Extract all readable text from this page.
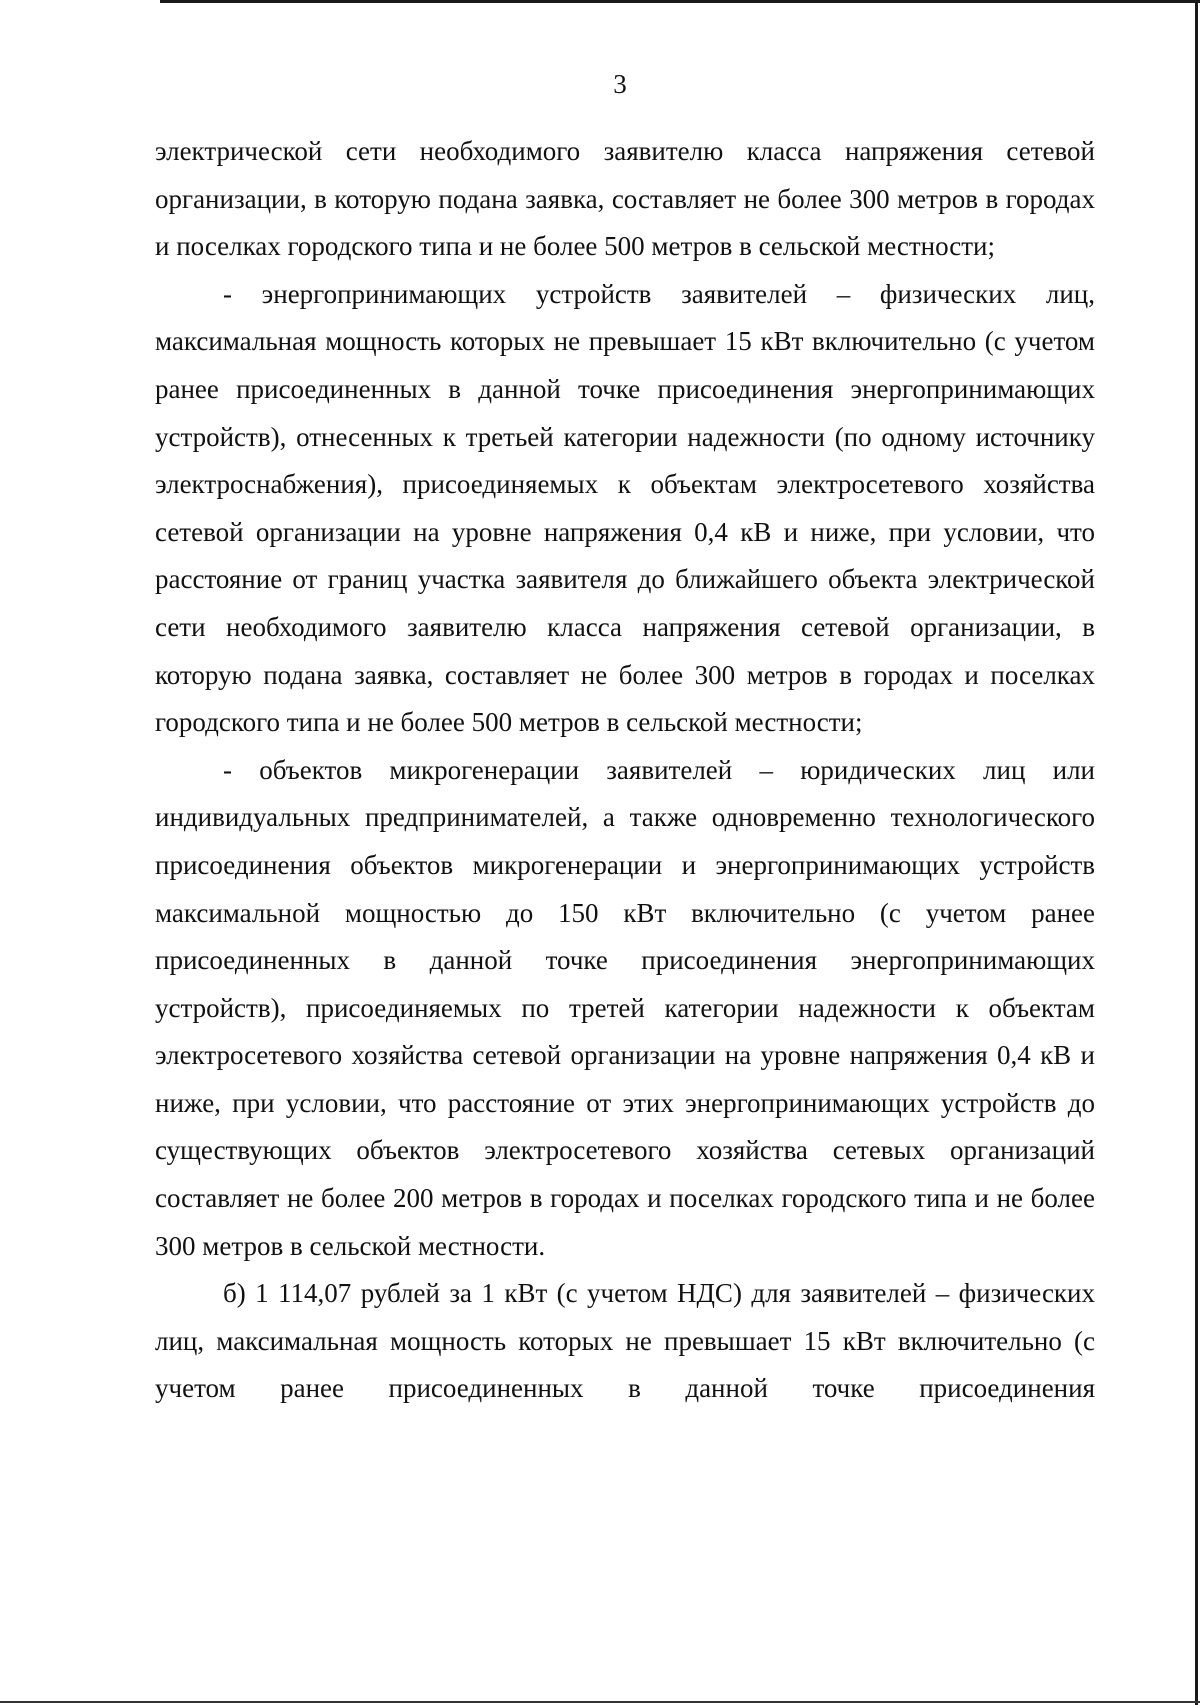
3

электрической сети необходимого заявителю класса напряжения сетевой организации, в которую подана заявка, составляет не более 300 метров в городах и поселках городского типа и не более 500 метров в сельской местности;

- энергопринимающих устройств заявителей – физических лиц, максимальная мощность которых не превышает 15 кВт включительно (с учетом ранее присоединенных в данной точке присоединения энергопринимающих устройств), отнесенных к третьей категории надежности (по одному источнику электроснабжения), присоединяемых к объектам электросетевого хозяйства сетевой организации на уровне напряжения 0,4 кВ и ниже, при условии, что расстояние от границ участка заявителя до ближайшего объекта электрической сети необходимого заявителю класса напряжения сетевой организации, в которую подана заявка, составляет не более 300 метров в городах и поселках городского типа и не более 500 метров в сельской местности;

- объектов микрогенерации заявителей – юридических лиц или индивидуальных предпринимателей, а также одновременно технологического присоединения объектов микрогенерации и энергопринимающих устройств максимальной мощностью до 150 кВт включительно (с учетом ранее присоединенных в данной точке присоединения энергопринимающих устройств), присоединяемых по третей категории надежности к объектам электросетевого хозяйства сетевой организации на уровне напряжения 0,4 кВ и ниже, при условии, что расстояние от этих энергопринимающих устройств до существующих объектов электросетевого хозяйства сетевых организаций составляет не более 200 метров в городах и поселках городского типа и не более 300 метров в сельской местности.

б) 1 114,07 рублей за 1 кВт (с учетом НДС) для заявителей – физических лиц, максимальная мощность которых не превышает 15 кВт включительно (с учетом ранее присоединенных в данной точке присоединения
